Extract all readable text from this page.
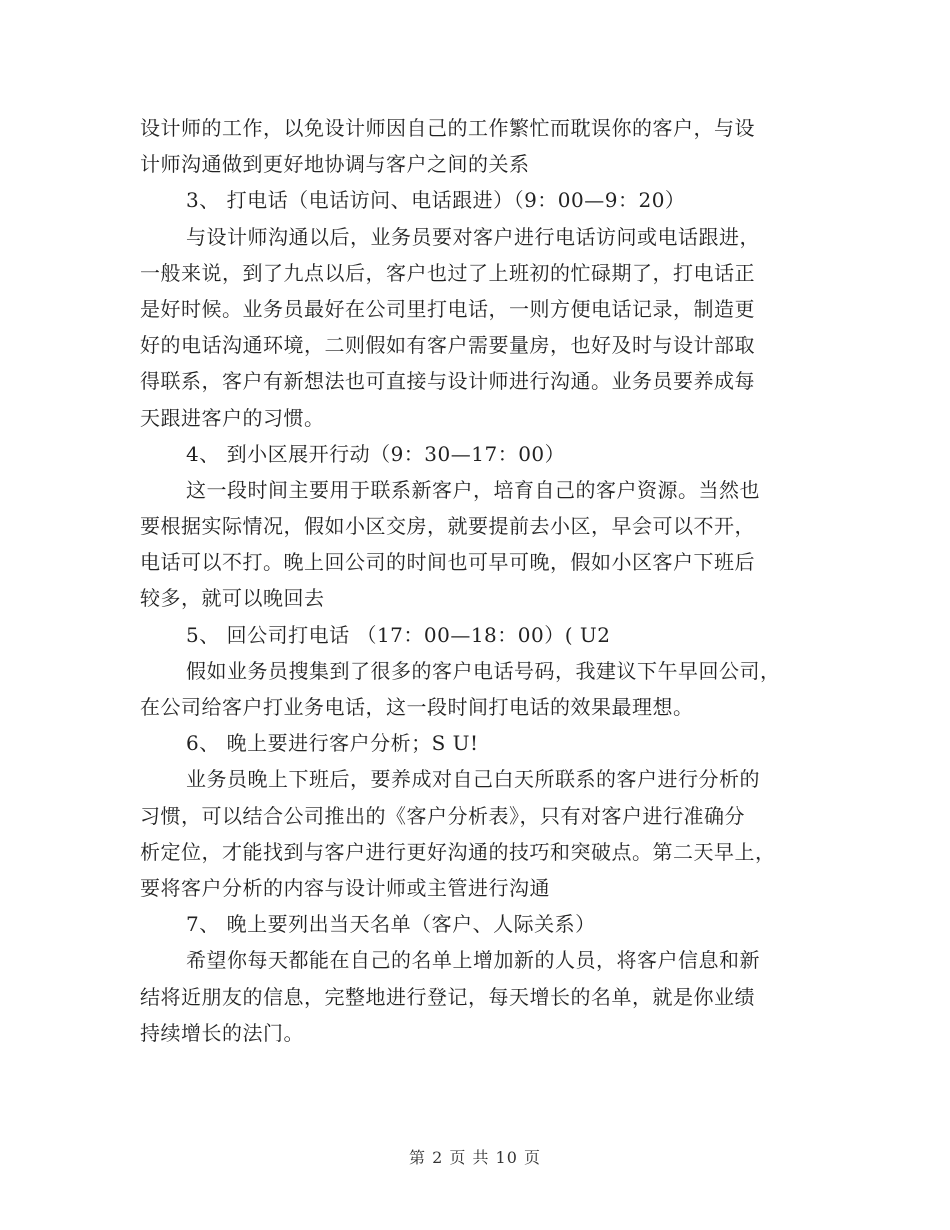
设计师的工作，以免设计师因自己的工作繁忙而耽误你的客户，与设
计师沟通做到更好地协调与客户之间的关系
3、 打电话（电话访问、电话跟进）（9：00—9：20）
与设计师沟通以后，业务员要对客户进行电话访问或电话跟进，
一般来说，到了九点以后，客户也过了上班初的忙碌期了，打电话正
是好时候。业务员最好在公司里打电话，一则方便电话记录，制造更
好的电话沟通环境，二则假如有客户需要量房，也好及时与设计部取
得联系，客户有新想法也可直接与设计师进行沟通。业务员要养成每
天跟进客户的习惯。
4、 到小区展开行动（9：30—17：00）
这一段时间主要用于联系新客户，培育自己的客户资源。当然也
要根据实际情况，假如小区交房，就要提前去小区，早会可以不开，
电话可以不打。晚上回公司的时间也可早可晚，假如小区客户下班后
较多，就可以晚回去
5、 回公司打电话 （17：00—18：00）( U2
假如业务员搜集到了很多的客户电话号码，我建议下午早回公司，
在公司给客户打业务电话，这一段时间打电话的效果最理想。
6、 晚上要进行客户分析；S U!
业务员晚上下班后，要养成对自己白天所联系的客户进行分析的
习惯，可以结合公司推出的《客户分析表》，只有对客户进行准确分
析定位，才能找到与客户进行更好沟通的技巧和突破点。第二天早上，
要将客户分析的内容与设计师或主管进行沟通
7、 晚上要列出当天名单（客户、人际关系）
希望你每天都能在自己的名单上增加新的人员，将客户信息和新
结将近朋友的信息，完整地进行登记，每天增长的名单，就是你业绩
持续增长的法门。
第 2 页 共 10 页
